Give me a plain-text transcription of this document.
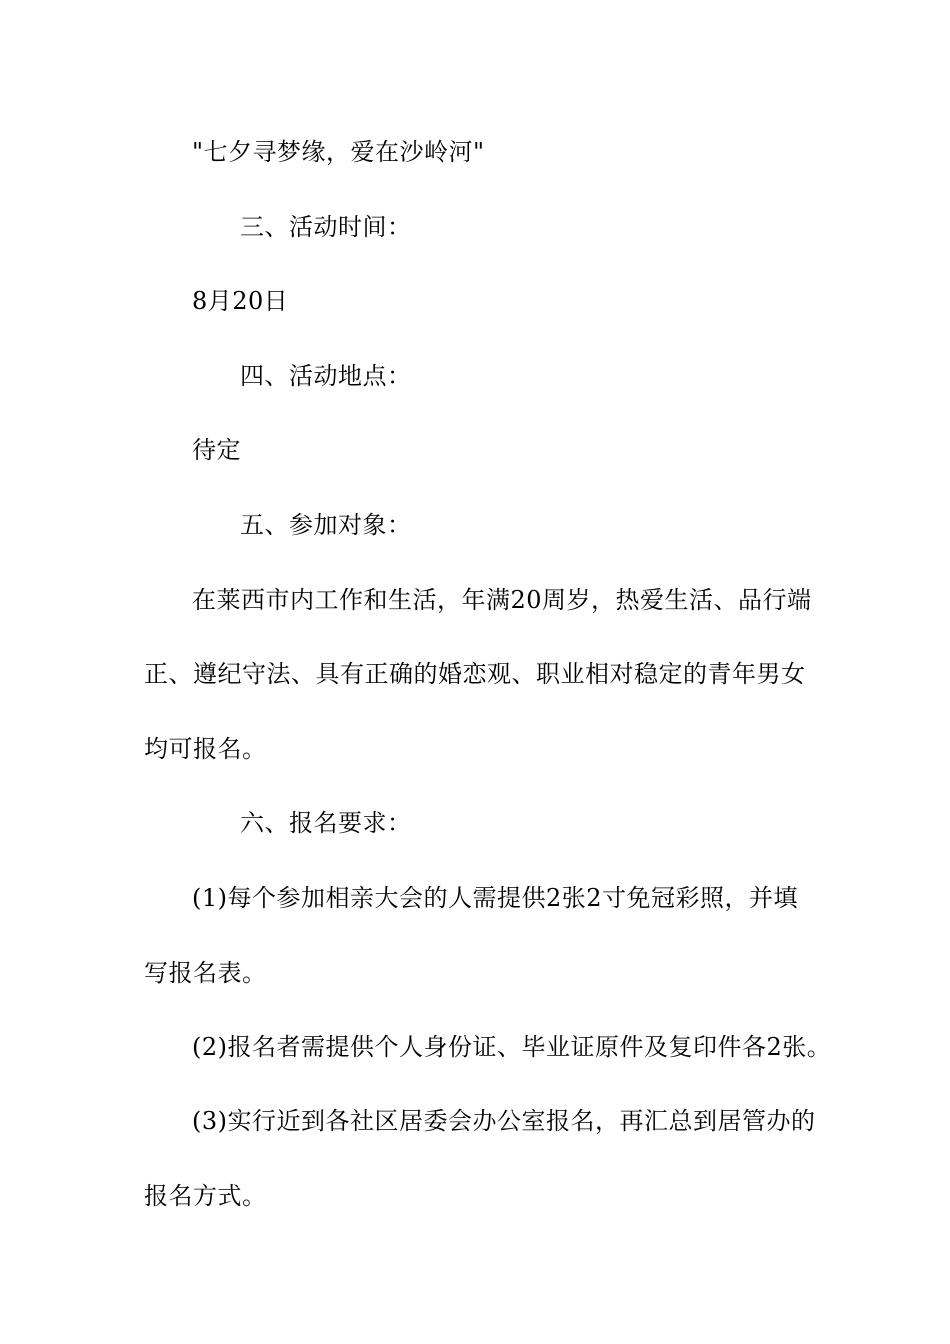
"七夕寻梦缘，爱在沙岭河"
三、活动时间：
8月20日
四、活动地点：
待定
五、参加对象：
在莱西市内工作和生活，年满20周岁，热爱生活、品行端
正、遵纪守法、具有正确的婚恋观、职业相对稳定的青年男女
均可报名。
六、报名要求：
(1)每个参加相亲大会的人需提供2张2寸免冠彩照，并填
写报名表。
(2)报名者需提供个人身份证、毕业证原件及复印件各2张。
(3)实行近到各社区居委会办公室报名，再汇总到居管办的
报名方式。
